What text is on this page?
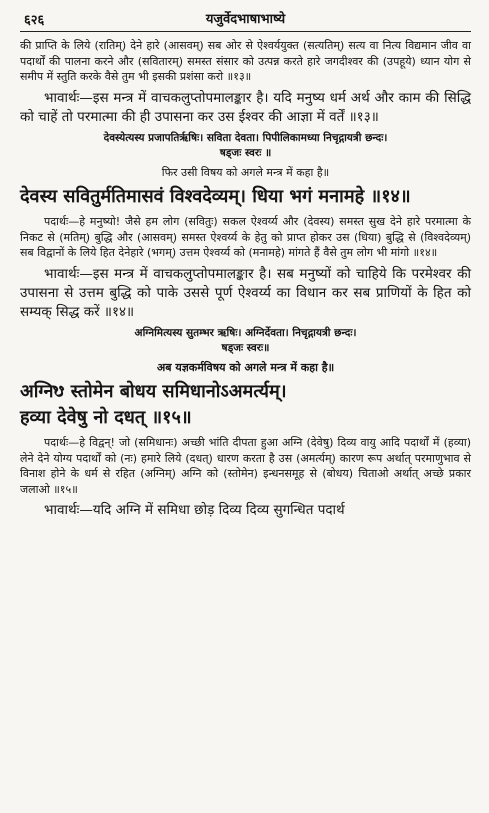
६२६	यजुर्वेदभाषाभाष्ये

की प्राप्ति के लिये (रातिम्) देने हारे (आसवम्) सब ओर से ऐश्वर्ययुक्त (सत्यतिम्) सत्य वा नित्य विद्यमान जीव वा पदार्थों की पालना करने और (सवितारम्) समस्त संसार को उत्पन्न करते हारे जगदीश्वर की (उपहूये) ध्यान योग से समीप में स्तुति करके वैसे तुम भी इसकी प्रशंसा करो ॥१३॥

भावार्थः—इस मन्त्र में वाचकलुप्तोपमालङ्कार है। यदि मनुष्य धर्म अर्थ और काम की सिद्धि को चाहें तो परमात्मा की ही उपासना कर उस ईश्वर की आज्ञा में वर्तें ॥१३॥

देवस्येत्यस्य प्रजापतिर्ऋषिः। सविता देवता। पिपीलिकामध्या निचृद्गायत्री छन्दः।

षड्जः स्वरः ॥

फिर उसी विषय को अगले मन्त्र में कहा है॥

देवस्य सवितुर्मतिमासवं विश्वदेव्यम्। धिया भगं मनामहे ॥१४॥

पदार्थः—हे मनुष्यो! जैसे हम लोग (सवितुः) सकल ऐश्वर्य्य और (देवस्य) समस्त सुख देने हारे परमात्मा के निकट से (मतिम्) बुद्धि और (आसवम्) समस्त ऐश्वर्य्य के हेतु को प्राप्त होकर उस (धिया) बुद्धि से (विश्वदेव्यम्) सब विद्वानों के लिये हित देनेहारे (भगम्) उत्तम ऐश्वर्य्य को (मनामहे) मांगते हैं वैसे तुम लोग भी मांगो ॥१४॥

भावार्थः—इस मन्त्र में वाचकलुप्तोपमालङ्कार है। सब मनुष्यों को चाहिये कि परमेश्वर की उपासना से उत्तम बुद्धि को पाके उससे पूर्ण ऐश्वर्य्य का विधान कर सब प्राणियों के हित को सम्यक् सिद्ध करें ॥१४॥

अग्निमित्यस्य सुतम्भर ऋषिः। अग्निर्देवता। निचृद्गायत्री छन्दः।

षड्जः स्वरः॥

अब यज्ञकर्मविषय को अगले मन्त्र में कहा है॥

अग्निᳪ स्तोमेन बोधय समिधानोऽअमर्त्यम्।

हव्या देवेषु नो दधत् ॥१५॥

पदार्थः—हे विद्वन्! जो (समिधानः) अच्छी भांति दीपता हुआ अग्नि (देवेषु) दिव्य वायु आदि पदार्थों में (हव्या) लेने देने योग्य पदार्थों को (नः) हमारे लिये (दधत्) धारण करता है उस (अमर्त्यम्) कारण रूप अर्थात् परमाणुभाव से विनाश होने के धर्म से रहित (अग्निम्) अग्नि को (स्तोमेन) इन्धनसमूह से (बोधय) चिताओ अर्थात् अच्छे प्रकार जलाओ ॥१५॥

भावार्थः—यदि अग्नि में समिधा छोड़ दिव्य दिव्य सुगन्धित पदार्थ
